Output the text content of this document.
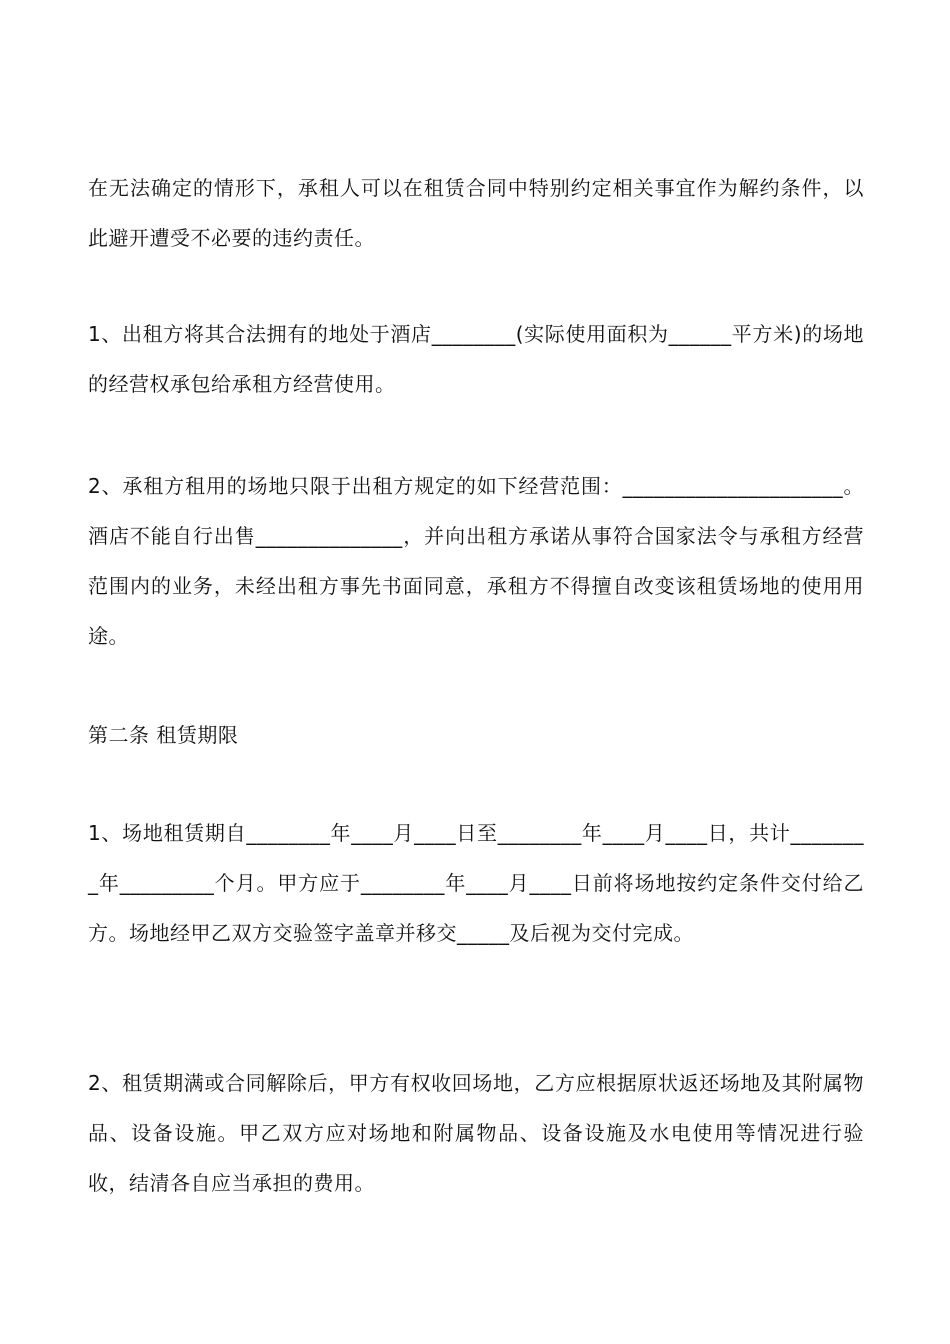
在无法确定的情形下，承租人可以在租赁合同中特别约定相关事宜作为解约条件，以此避开遭受不必要的违约责任。

1、出租方将其合法拥有的地处于酒店________(实际使用面积为______平方米)的场地的经营权承包给承租方经营使用。

2、承租方租用的场地只限于出租方规定的如下经营范围：_____________________。酒店不能自行出售______________，并向出租方承诺从事符合国家法令与承租方经营范围内的业务，未经出租方事先书面同意，承租方不得擅自改变该租赁场地的使用用途。

第二条 租赁期限

1、场地租赁期自________年____月____日至________年____月____日，共计________年_________个月。甲方应于________年____月____日前将场地按约定条件交付给乙方。场地经甲乙双方交验签字盖章并移交_____及后视为交付完成。

2、租赁期满或合同解除后，甲方有权收回场地，乙方应根据原状返还场地及其附属物品、设备设施。甲乙双方应对场地和附属物品、设备设施及水电使用等情况进行验收，结清各自应当承担的费用。
